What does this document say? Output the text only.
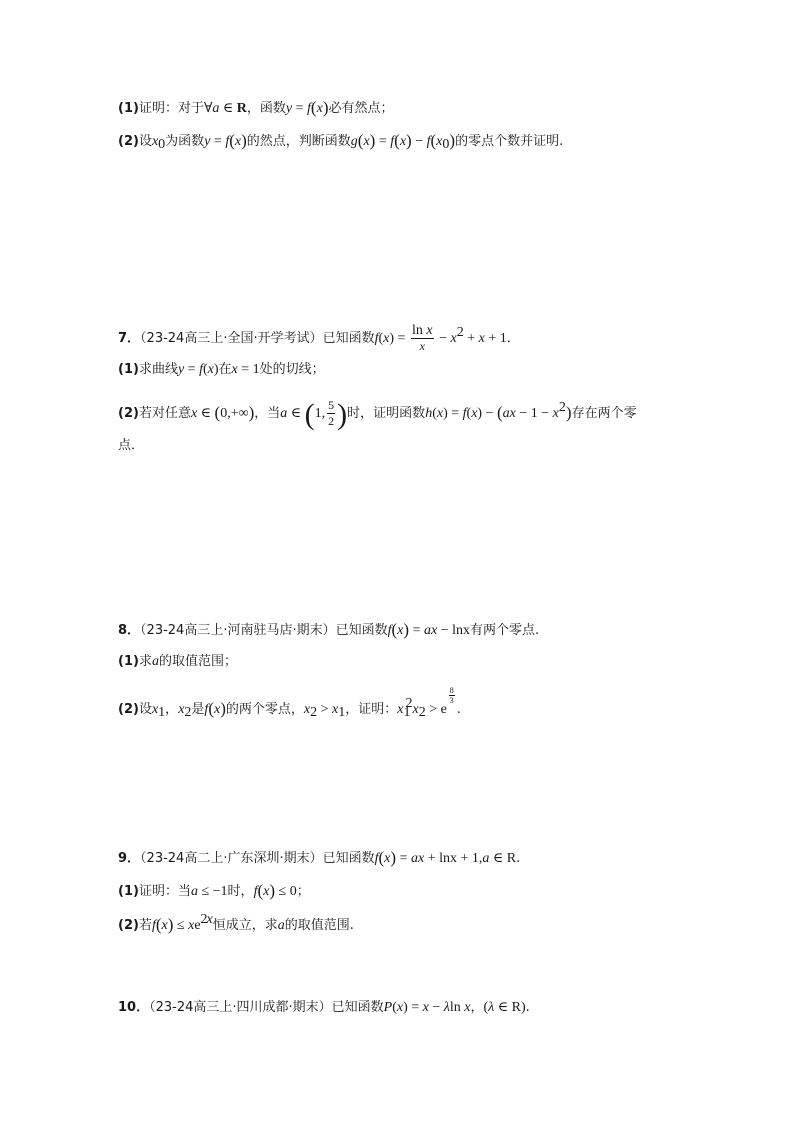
(1)证明：对于∀a ∈ R，函数y = f(x)必有然点；
(2)设$x_0$为函数y = f(x)的然点，判断函数$g(x) = f(x) - f(x_0)$的零点个数并证明.
7．（23-24高三上·全国·开学考试）已知函数$f(x) = \frac{\text{ln x}}{x} - x^2 + x + 1$．
(1)求曲线y = f(x)在x = 1处的切线；
(2)若对任意x ∈ (0,+∞)，当a ∈ (1, $\frac{5}{2}$ )时，证明函数$h(x) = f(x) - (ax - 1 - x^2)$存在两个零
点．
8．（23-24高三上·河南驻马店·期末）已知函数f(x) = ax − lnx有两个零点.
(1)求a的取值范围；
(2)设$x_1$，$x_2$是f(x)的两个零点，$x_2 > x_1$，证明：$x_1^2x_2 > e$
$\frac{8}{3}$
.
9．（23-24高二上·广东深圳·期末）已知函数f(x) = ax + lnx + 1,a ∈ R.
(1)证明：当a ≤ −1时，f(x) ≤ 0；
(2)若$f(x) \le xe^{2x}$恒成立，求a的取值范围.
10．（23-24高三上·四川成都·期末）已知函数P(x) = x − λln x，(λ ∈ R).
